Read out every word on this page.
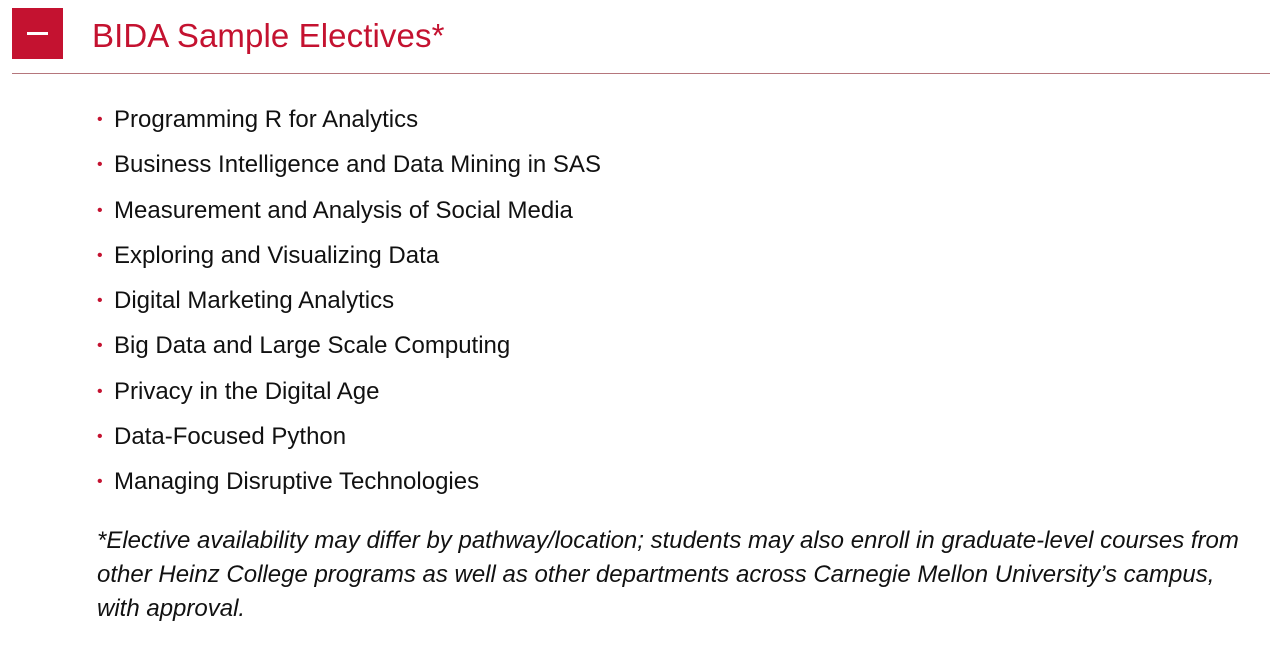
BIDA Sample Electives*
• Programming R for Analytics
• Business Intelligence and Data Mining in SAS
• Measurement and Analysis of Social Media
• Exploring and Visualizing Data
• Digital Marketing Analytics
• Big Data and Large Scale Computing
• Privacy in the Digital Age
• Data-Focused Python
• Managing Disruptive Technologies

*Elective availability may differ by pathway/location; students may also enroll in graduate-level courses from other Heinz College programs as well as other departments across Carnegie Mellon University’s campus, with approval.
